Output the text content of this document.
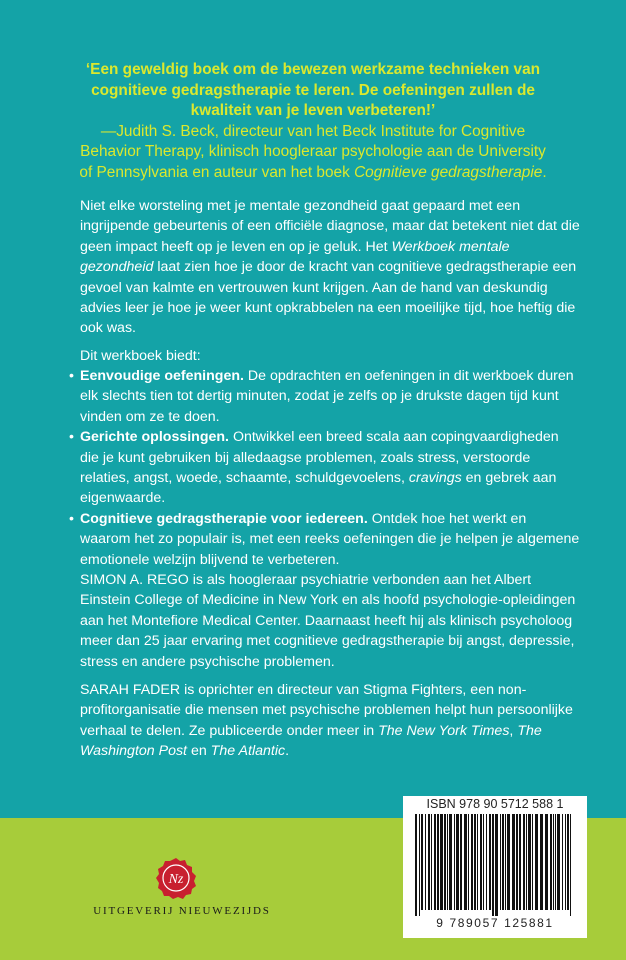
‘Een geweldig boek om de bewezen werkzame technieken van
cognitieve gedragstherapie te leren. De oefeningen zullen de
kwaliteit van je leven verbeteren!’
—Judith S. Beck, directeur van het Beck Institute for Cognitive
Behavior Therapy, klinisch hoogleraar psychologie aan de University
of Pennsylvania en auteur van het boek Cognitieve gedragstherapie.
Niet elke worsteling met je mentale gezondheid gaat gepaard met een ingrijpende gebeurtenis of een officiële diagnose, maar dat betekent niet dat die geen impact heeft op je leven en op je geluk. Het Werkboek mentale gezondheid laat zien hoe je door de kracht van cognitieve gedragstherapie een gevoel van kalmte en vertrouwen kunt krijgen. Aan de hand van deskundig advies leer je hoe je weer kunt opkrabbelen na een moeilijke tijd, hoe heftig die ook was.
Dit werkboek biedt:
• Eenvoudige oefeningen. De opdrachten en oefeningen in dit werkboek duren elk slechts tien tot dertig minuten, zodat je zelfs op je drukste dagen tijd kunt vinden om ze te doen.
• Gerichte oplossingen. Ontwikkel een breed scala aan copingvaardigheden die je kunt gebruiken bij alledaagse problemen, zoals stress, verstoorde relaties, angst, woede, schaamte, schuldgevoelens, cravings en gebrek aan eigenwaarde.
• Cognitieve gedragstherapie voor iedereen. Ontdek hoe het werkt en waarom het zo populair is, met een reeks oefeningen die je helpen je algemene emotionele welzijn blijvend te verbeteren.
SIMON A. REGO is als hoogleraar psychiatrie verbonden aan het Albert Einstein College of Medicine in New York en als hoofd psychologie-opleidingen aan het Montefiore Medical Center. Daarnaast heeft hij als klinisch psycholoog meer dan 25 jaar ervaring met cognitieve gedragstherapie bij angst, depressie, stress en andere psychische problemen.
SARAH FADER is oprichter en directeur van Stigma Fighters, een non-profitorganisatie die mensen met psychische problemen helpt hun persoonlijke verhaal te delen. Ze publiceerde onder meer in The New York Times, The Washington Post en The Atlantic.
ISBN 978 90 5712 588 1
9 789057 125881
Nz
UITGEVERIJ NIEUWEZIJDS
